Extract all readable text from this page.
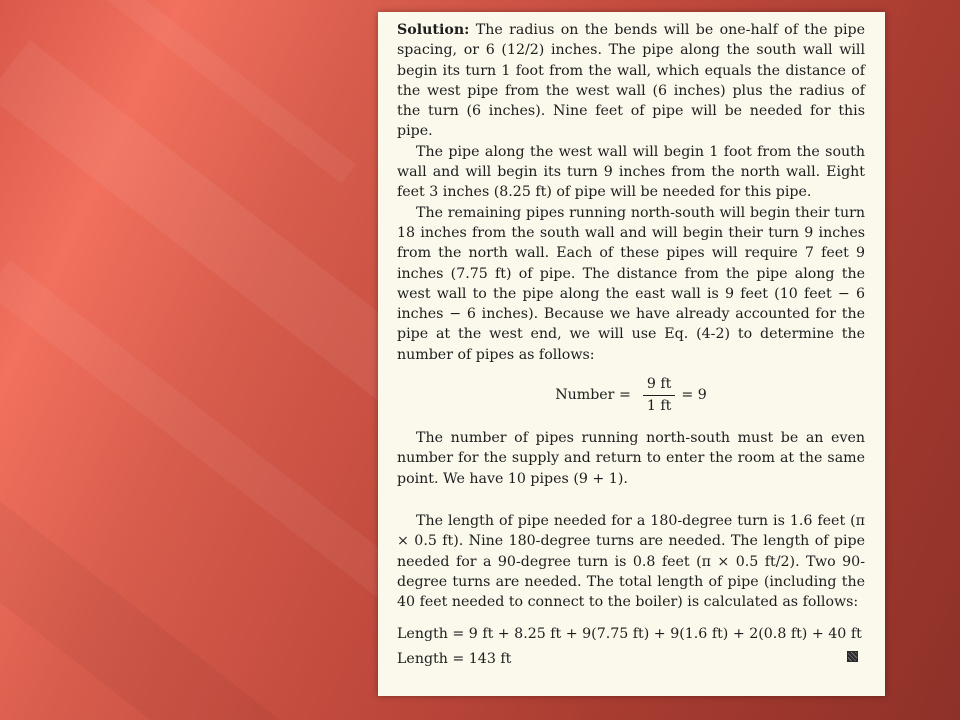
Solution: The radius on the bends will be one-half of the pipe spacing, or 6 (12/2) inches. The pipe along the south wall will begin its turn 1 foot from the wall, which equals the distance of the west pipe from the west wall (6 inches) plus the radius of the turn (6 inches). Nine feet of pipe will be needed for this pipe.

The pipe along the west wall will begin 1 foot from the south wall and will begin its turn 9 inches from the north wall. Eight feet 3 inches (8.25 ft) of pipe will be needed for this pipe.

The remaining pipes running north-south will begin their turn 18 inches from the south wall and will begin their turn 9 inches from the north wall. Each of these pipes will require 7 feet 9 inches (7.75 ft) of pipe. The distance from the pipe along the west wall to the pipe along the east wall is 9 feet (10 feet − 6 inches − 6 inches). Because we have already accounted for the pipe at the west end, we will use Eq. (4-2) to determine the number of pipes as follows:

Number = $\frac{9 ft}{1 ft} = 9$

The number of pipes running north-south must be an even number for the supply and return to enter the room at the same point. We have 10 pipes (9 + 1).

The length of pipe needed for a 180-degree turn is 1.6 feet (π × 0.5 ft). Nine 180-degree turns are needed. The length of pipe needed for a 90-degree turn is 0.8 feet (π × 0.5 ft/2). Two 90-degree turns are needed. The total length of pipe (including the 40 feet needed to connect to the boiler) is calculated as follows:

Length = 9 ft + 8.25 ft + 9(7.75 ft) + 9(1.6 ft) + 2(0.8 ft) + 40 ft

Length = 143 ft
